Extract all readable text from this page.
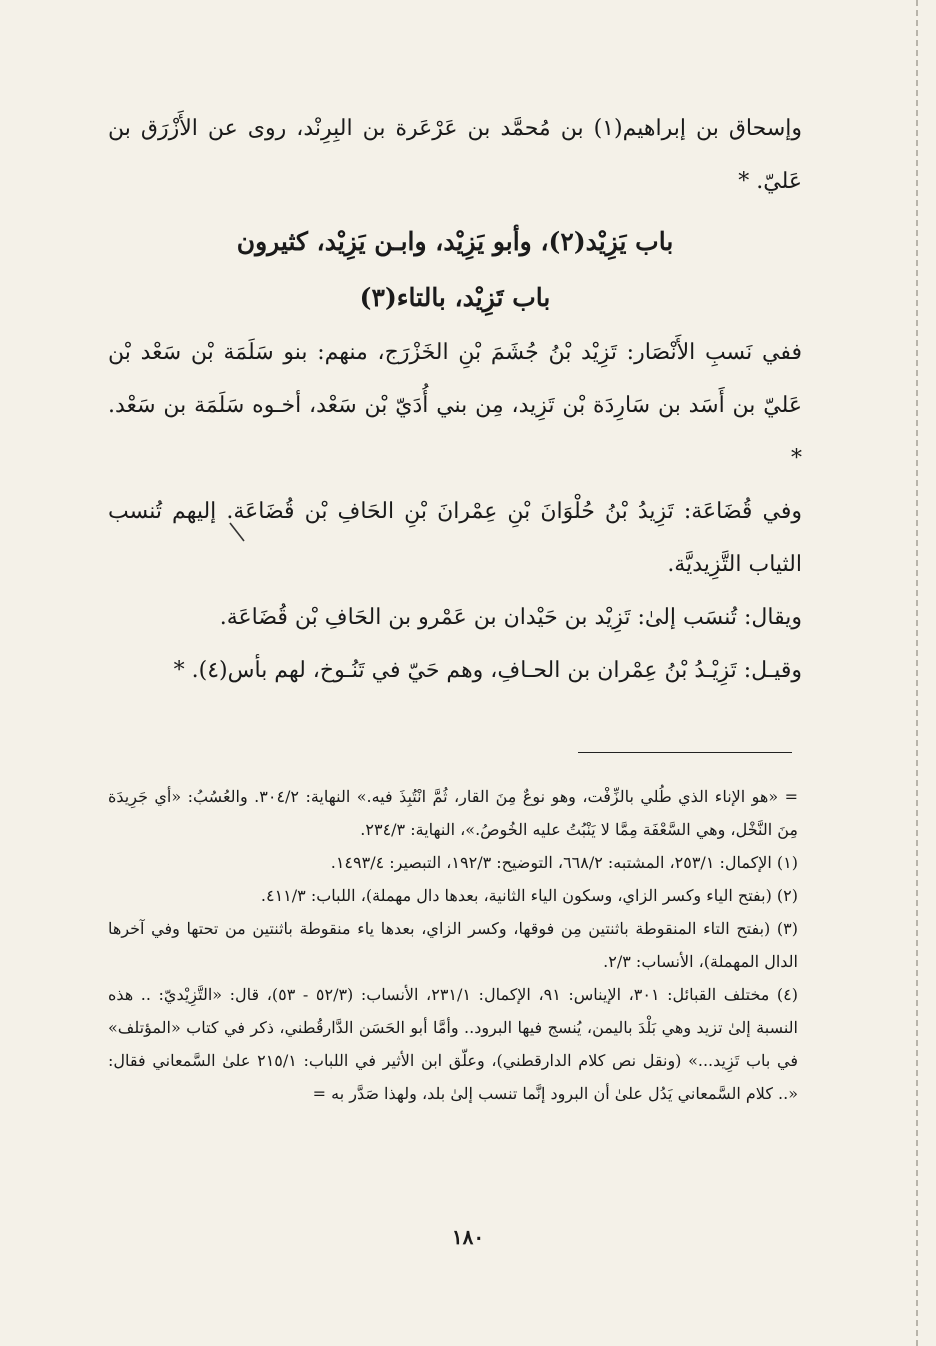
وإسحاق بن إبراهيم(١) بن مُحمَّد بن عَرْعَرة بن البِرِنْد، روى عن الأَزْرَق بن عَليّ. *

باب يَزِيْد(٢)، وأبو يَزِيْد، وابـن يَزِيْد، كثيرون

باب تَزِيْد، بالتاء(٣)

ففي نَسبِ الأَنْصَار: تَزِيْد بْنُ جُشَمَ بْنِ الخَزْرَج، منهم: بنو سَلَمَة بْن سَعْد بْن عَليّ بن أَسَد بن سَارِدَة بْن تَزِيد، مِن بني أُدَيّ بْن سَعْد، أخـوه سَلَمَة بن سَعْد. *

وفي قُضَاعَة: تَزِيدُ بْنُ حُلْوَانَ بْنِ عِمْرانَ بْنِ الحَافِ بْن قُضَاعَة. إليهم تُنسب الثياب التَّزِيديَّة.

ويقال: تُنسَب إلىٰ: تَزِيْد بن حَيْدان بن عَمْرو بن الحَافِ بْن قُضَاعَة.

وقيـل: تَزِيْـدُ بْنُ عِمْران بن الحـافِ، وهم حَيّ في تَنُـوخ، لهم بأس(٤). *

= «هو الإناء الذي طُلي بالزِّفْت، وهو نوعٌ مِنَ القار، ثُمَّ انْتُبِذَ فيه.» النهاية: ٣٠٤/٢. والعُسُبُ: «أي جَرِيدَة مِنَ النَّخْل، وهي السَّعْفَة مِمَّا لا يَنْبُتُ عليه الخُوصُ.»، النهاية: ٢٣٤/٣.

(١) الإكمال: ٢٥٣/١، المشتبه: ٦٦٨/٢، التوضيح: ١٩٢/٣، التبصير: ١٤٩٣/٤.

(٢) (بفتح الياء وكسر الزاي، وسكون الياء الثانية، بعدها دال مهملة)، اللباب: ٤١١/٣.

(٣) (بفتح التاء المنقوطة باثنتين مِن فوقها، وكسر الزاي، بعدها ياء منقوطة باثنتين من تحتها وفي آخرها الدال المهملة)، الأنساب: ٢/٣.

(٤) مختلف القبائل: ٣٠١، الإيناس: ٩١، الإكمال: ٢٣١/١، الأنساب: (٥٢/٣ - ٥٣)، قال: «التَّزِيْديّ: .. هذه النسبة إلىٰ تزيد وهي بَلْدَ باليمن، يُنسج فيها البرود.. وأمَّا أبو الحَسَن الدَّارقُطني، ذكر في كتاب «المؤتلف» في باب تَزِيد...» (ونقل نص كلام الدارقطني)، وعلّق ابن الأثير في اللباب: ٢١٥/١ علىٰ السَّمعاني فقال: «.. كلام السَّمعاني يَدُل علىٰ أن البرود إنَّما تنسب إلىٰ بلد، ولهذا صَدَّر به =

١٨٠
